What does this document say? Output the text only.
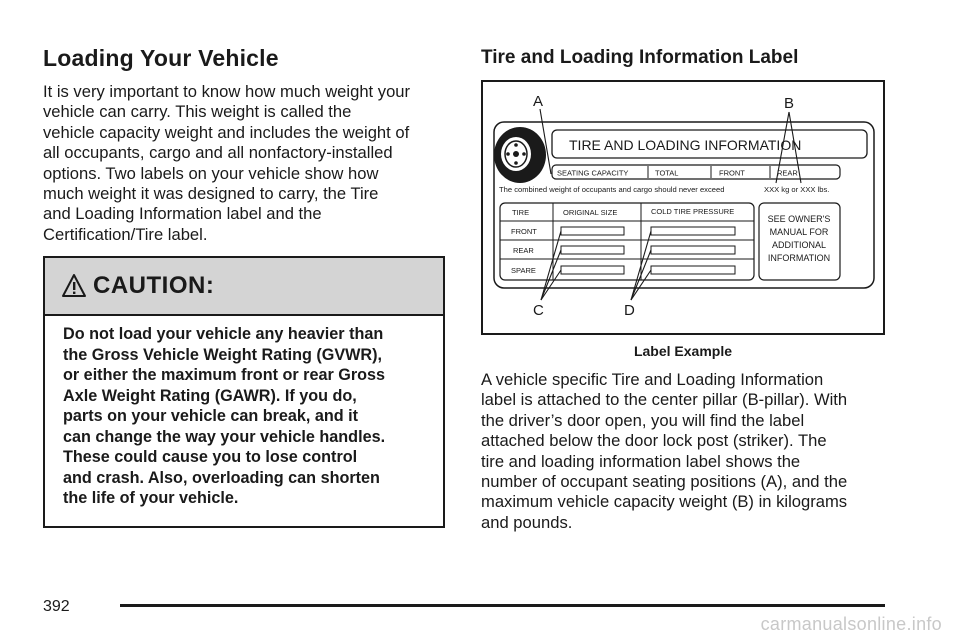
Loading Your Vehicle

It is very important to know how much weight your
vehicle can carry. This weight is called the
vehicle capacity weight and includes the weight of
all occupants, cargo and all nonfactory-installed
options. Two labels on your vehicle show how
much weight it was designed to carry, the Tire
and Loading Information label and the
Certification/Tire label.

CAUTION:
Do not load your vehicle any heavier than
the Gross Vehicle Weight Rating (GVWR),
or either the maximum front or rear Gross
Axle Weight Rating (GAWR). If you do,
parts on your vehicle can break, and it
can change the way your vehicle handles.
These could cause you to lose control
and crash. Also, overloading can shorten
the life of your vehicle.
Tire and Loading Information Label
A	B
C	D
TIRE AND LOADING INFORMATION
SEATING CAPACITY	TOTAL	FRONT	REAR
The combined weight of occupants and cargo should never exceed	XXX kg or XXX lbs.
TIRE	ORIGINAL SIZE	COLD TIRE PRESSURE
FRONT
REAR
SPARE
SEE OWNER'S
MANUAL FOR
ADDITIONAL
INFORMATION
Label Example

A vehicle specific Tire and Loading Information
label is attached to the center pillar (B-pillar). With
the driver’s door open, you will find the label
attached below the door lock post (striker). The
tire and loading information label shows the
number of occupant seating positions (A), and the
maximum vehicle capacity weight (B) in kilograms
and pounds.

392
carmanualsonline.info
